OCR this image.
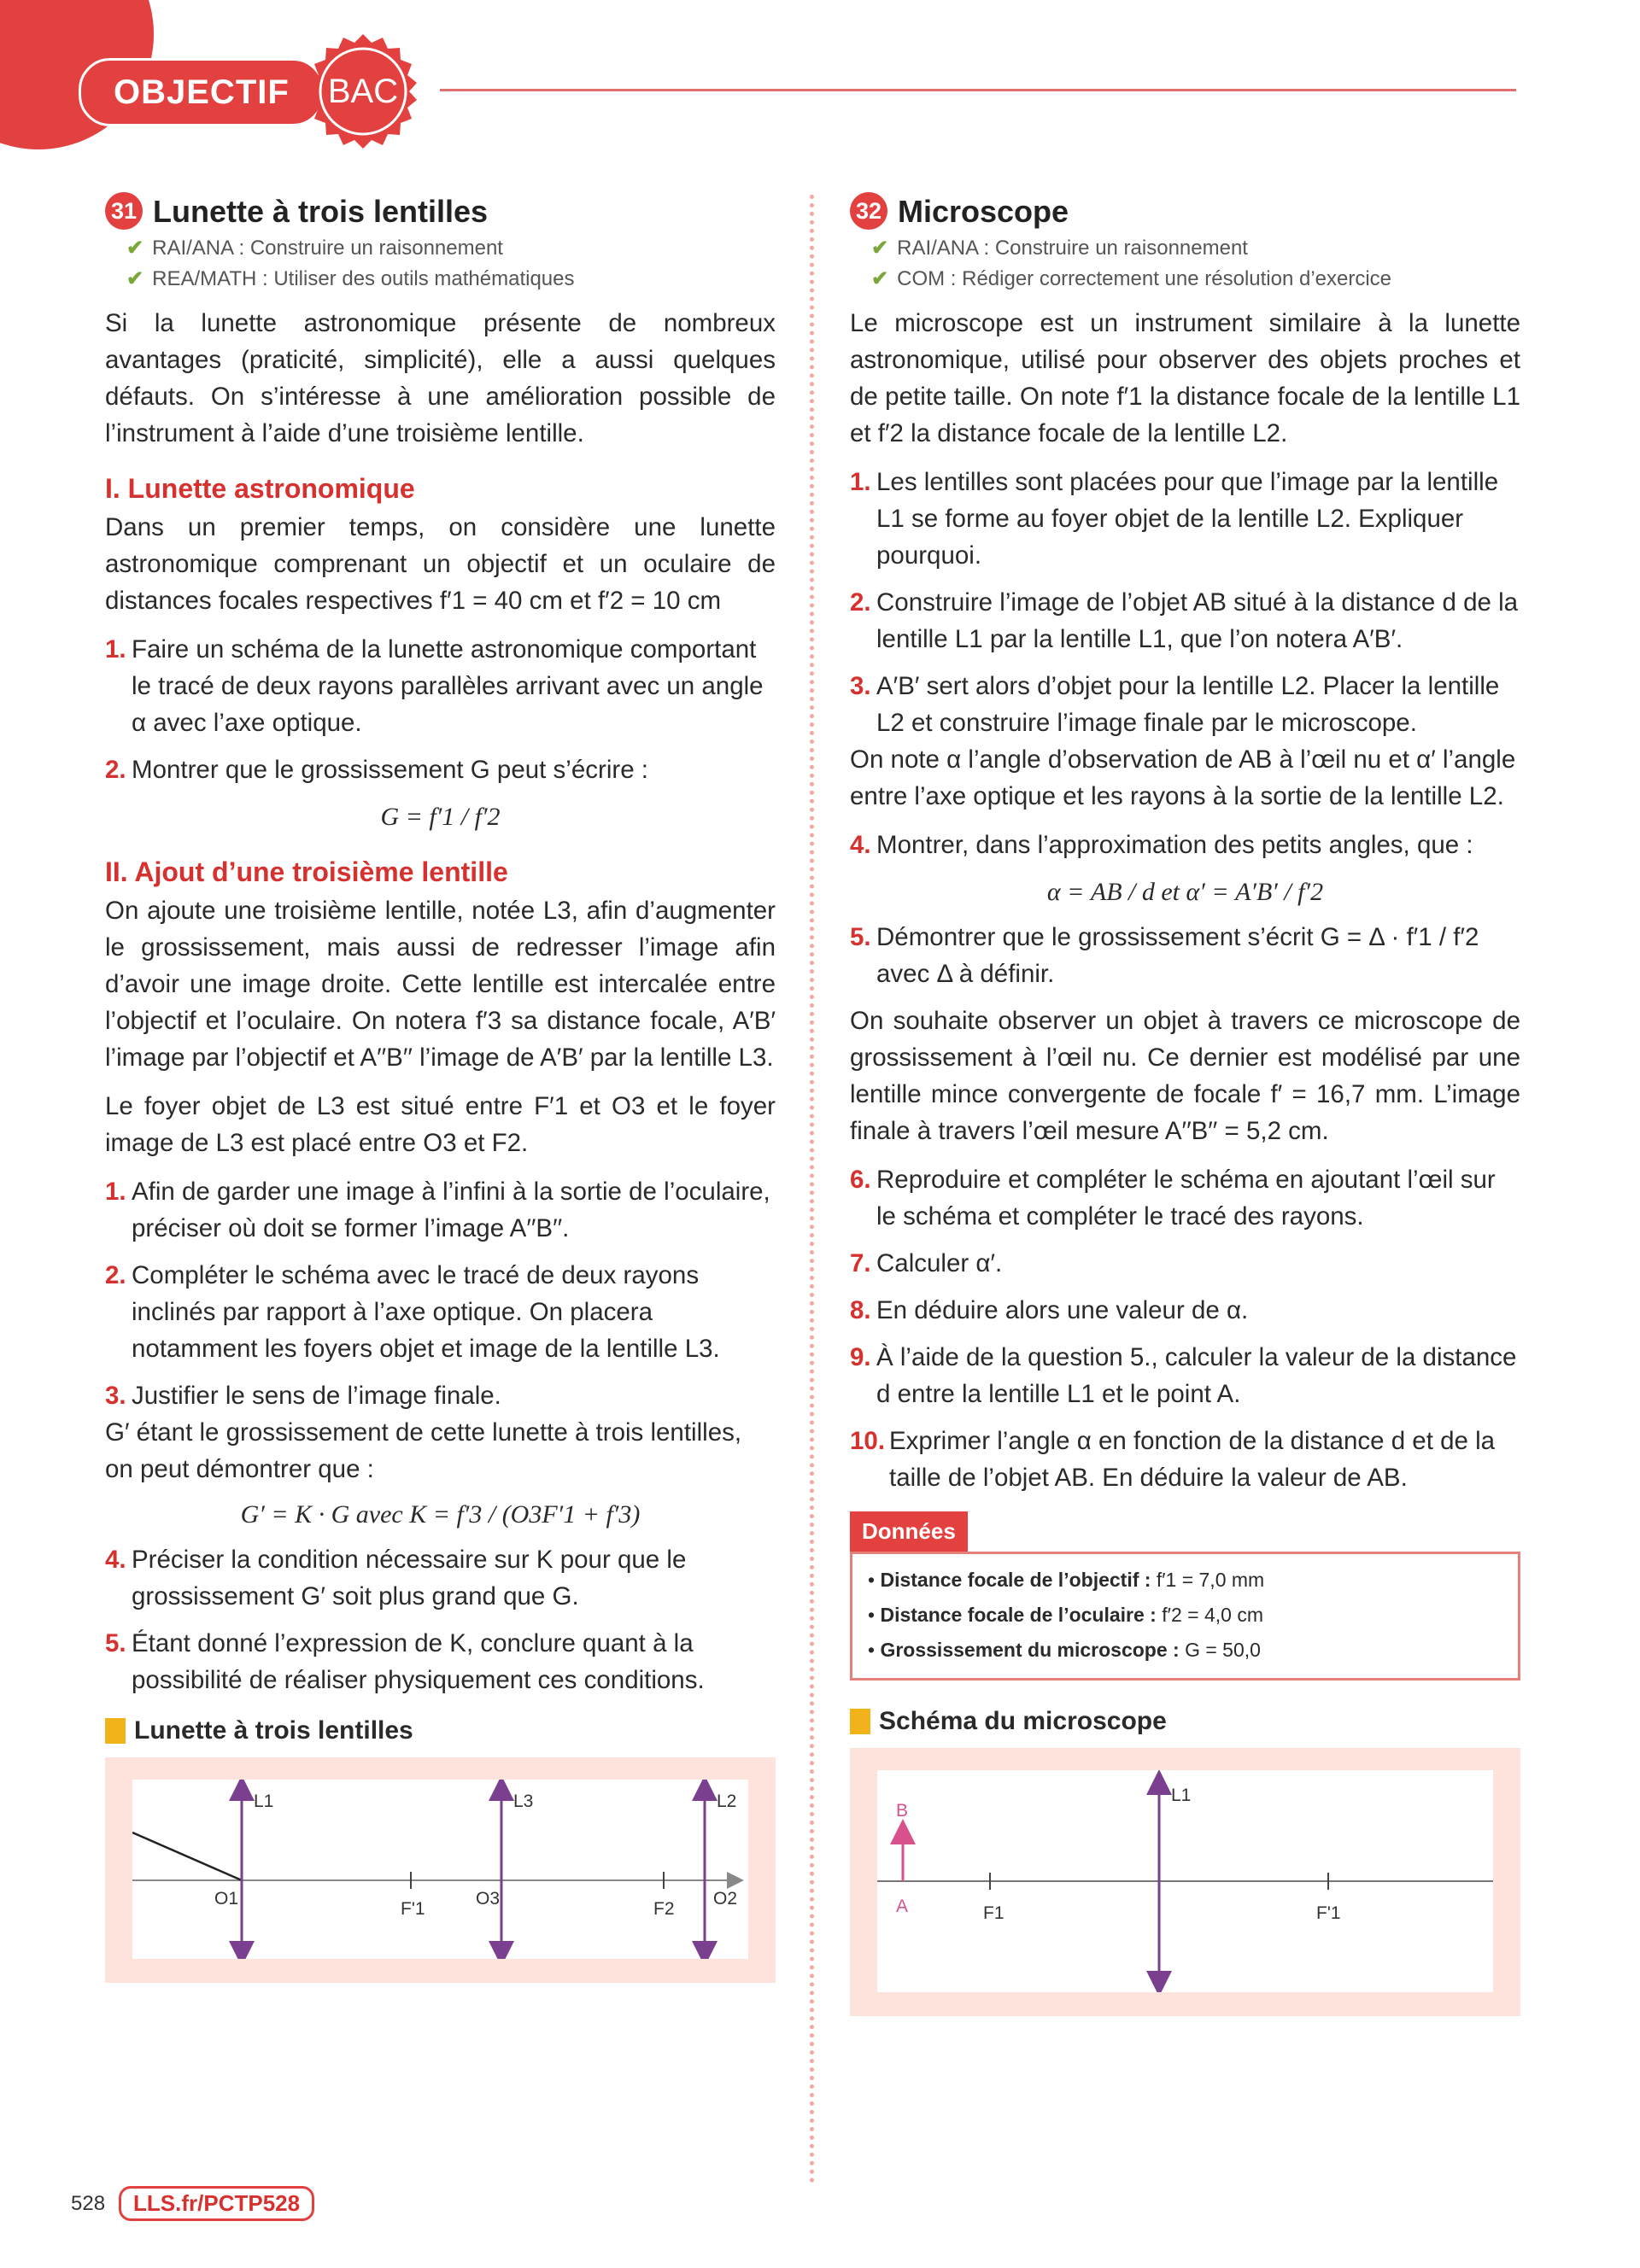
OBJECTIF	BAC
31 Lunette à trois lentilles
✔ RAI/ANA : Construire un raisonnement
✔ REA/MATH : Utiliser des outils mathématiques
Si la lunette astronomique présente de nombreux avantages (praticité, simplicité), elle a aussi quelques défauts. On s’intéresse à une amélioration possible de l’instrument à l’aide d’une troisième lentille.
I. Lunette astronomique
Dans un premier temps, on considère une lunette astronomique comprenant un objectif et un oculaire de distances focales respectives f′1 = 40 cm et f′2 = 10 cm
1. Faire un schéma de la lunette astronomique comportant le tracé de deux rayons parallèles arrivant avec un angle α avec l’axe optique.
2. Montrer que le grossissement G peut s’écrire :
G = f′1 / f′2
II. Ajout d’une troisième lentille
On ajoute une troisième lentille, notée L3, afin d’augmenter le grossissement, mais aussi de redresser l’image afin d’avoir une image droite. Cette lentille est intercalée entre l’objectif et l’oculaire. On notera f′3 sa distance focale, A′B′ l’image par l’objectif et A′′B′′ l’image de A′B′ par la lentille L3.
Le foyer objet de L3 est situé entre F′1 et O3 et le foyer image de L3 est placé entre O3 et F2.
1. Afin de garder une image à l’infini à la sortie de l’oculaire, préciser où doit se former l’image A′′B′′.
2. Compléter le schéma avec le tracé de deux rayons inclinés par rapport à l’axe optique. On placera notamment les foyers objet et image de la lentille L3.
3. Justifier le sens de l’image finale.
G′ étant le grossissement de cette lunette à trois lentilles, on peut démontrer que :
G′ = K · G avec K = f′3 / (O3F′1 + f′3)
4. Préciser la condition nécessaire sur K pour que le grossissement G′ soit plus grand que G.
5. Étant donné l’expression de K, conclure quant à la possibilité de réaliser physiquement ces conditions.
Lunette à trois lentilles
L1	L3	L2
O1
F'1
O3
F2
O2
32 Microscope
✔ RAI/ANA : Construire un raisonnement
✔ COM : Rédiger correctement une résolution d’exercice
Le microscope est un instrument similaire à la lunette astronomique, utilisé pour observer des objets proches et de petite taille. On note f′1 la distance focale de la lentille L1 et f′2 la distance focale de la lentille L2.
1. Les lentilles sont placées pour que l’image par la lentille L1 se forme au foyer objet de la lentille L2. Expliquer pourquoi.
2. Construire l’image de l’objet AB situé à la distance d de la lentille L1 par la lentille L1, que l’on notera A′B′.
3. A′B′ sert alors d’objet pour la lentille L2. Placer la lentille L2 et construire l’image finale par le microscope.
On note α l’angle d’observation de AB à l’œil nu et α′ l’angle entre l’axe optique et les rayons à la sortie de la lentille L2.
4. Montrer, dans l’approximation des petits angles, que :
α = AB / d et α′ = A′B′ / f′2
5. Démontrer que le grossissement s’écrit G = Δ · f′1 / f′2 avec Δ à définir.
On souhaite observer un objet à travers ce microscope de grossissement à l’œil nu. Ce dernier est modélisé par une lentille mince convergente de focale f′ = 16,7 mm. L’image finale à travers l’œil mesure A′′B′′ = 5,2 cm.
6. Reproduire et compléter le schéma en ajoutant l’œil sur le schéma et compléter le tracé des rayons.
7. Calculer α′.
8. En déduire alors une valeur de α.
9. À l’aide de la question 5., calculer la valeur de la distance d entre la lentille L1 et le point A.
10. Exprimer l’angle α en fonction de la distance d et de la taille de l’objet AB. En déduire la valeur de AB.
Données
• Distance focale de l’objectif : f′1 = 7,0 mm
• Distance focale de l’oculaire : f′2 = 4,0 cm
• Grossissement du microscope : G = 50,0
Schéma du microscope
L1
B
A	F1	F'1
528	LLS.fr/PCTP528
